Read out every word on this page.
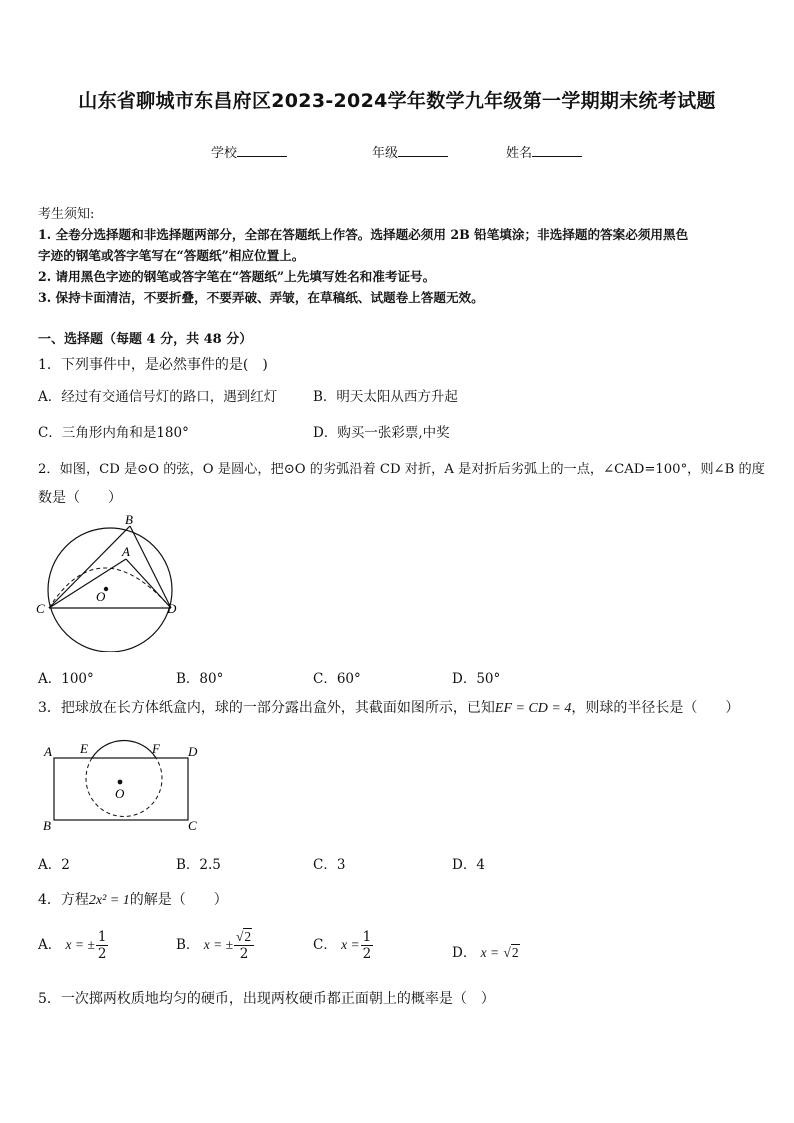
山东省聊城市东昌府区2023-2024学年数学九年级第一学期期末统考试题
学校	年级	姓名
考生须知:
1. 全卷分选择题和非选择题两部分，全部在答题纸上作答。选择题必须用 2B 铅笔填涂；非选择题的答案必须用黑色
字迹的钢笔或答字笔写在“答题纸”相应位置上。
2. 请用黑色字迹的钢笔或答字笔在“答题纸”上先填写姓名和准考证号。
3. 保持卡面清洁，不要折叠，不要弄破、弄皱，在草稿纸、试题卷上答题无效。
一、选择题（每题 4 分，共 48 分）
1．下列事件中，是必然事件的是(　)
A．经过有交通信号灯的路口，遇到红灯	B．明天太阳从西方升起
C．三角形内角和是180°	D．购买一张彩票,中奖
2．如图，CD 是⊙O 的弦，O 是圆心，把⊙O 的劣弧沿着 CD 对折，A 是对折后劣弧上的一点，∠CAD=100°，则∠B 的度
数是（　　）
B
A
O
C	D
A．100°	B．80°	C．60°	D．50°
3．把球放在长方体纸盒内，球的一部分露出盒外，其截面如图所示，已知EF = CD = 4，则球的半径长是（　　）
A E	F D
O
B	C
A．2	B．2.5	C．3	D．4
4．方程2x² = 1的解是（　　）
A． x = ± $\frac{1}{2}$	B． x = ± $\frac{√2}{2}$	C． $x = \frac{1}{2}$	D． x = √2
5．一次掷两枚质地均匀的硬币，出现两枚硬币都正面朝上的概率是（　）
